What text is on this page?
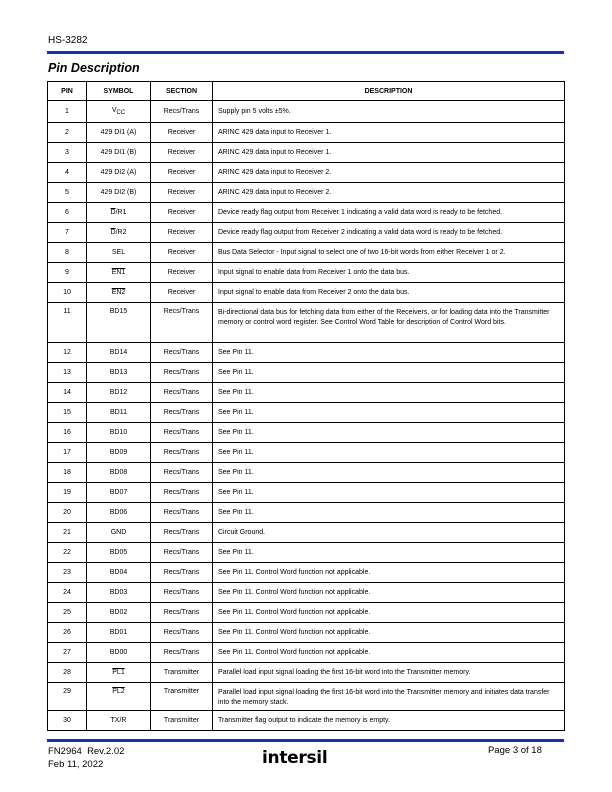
HS-3282
Pin Description
PIN	SYMBOL	SECTION	DESCRIPTION
1	VCC	Recs/Trans	Supply pin 5 volts ±5%.
2	429 DI1 (A)	Receiver	ARINC 429 data input to Receiver 1.
3	429 DI1 (B)	Receiver	ARINC 429 data input to Receiver 1.
4	429 DI2 (A)	Receiver	ARINC 429 data input to Receiver 2.
5	429 DI2 (B)	Receiver	ARINC 429 data input to Receiver 2.
6	$\overline{D}/R1$	Receiver	Device ready flag output from Receiver 1 indicating a valid data word is ready to be fetched.
7	$\overline{D}/R2$	Receiver	Device ready flag output from Receiver 2 indicating a valid data word is ready to be fetched.
8	SEL	Receiver	Bus Data Selector - Input signal to select one of two 16-bit words from either Receiver 1 or 2.
9	EN1	Receiver	Input signal to enable data from Receiver 1 onto the data bus.
10	EN2	Receiver	Input signal to enable data from Receiver 2 onto the data bus.
11	BD15	Recs/Trans	Bi-directional data bus for fetching data from either of the Receivers, or for loading data into the Transmitter memory or control word register. See Control Word Table for description of Control Word bits.
12	BD14	Recs/Trans	See Pin 11.
13	BD13	Recs/Trans	See Pin 11.
14	BD12	Recs/Trans	See Pin 11.
15	BD11	Recs/Trans	See Pin 11.
16	BD10	Recs/Trans	See Pin 11.
17	BD09	Recs/Trans	See Pin 11.
18	BD08	Recs/Trans	See Pin 11.
19	BD07	Recs/Trans	See Pin 11.
20	BD06	Recs/Trans	See Pin 11.
21	GND	Recs/Trans	Circuit Ground.
22	BD05	Recs/Trans	See Pin 11.
23	BD04	Recs/Trans	See Pin 11. Control Word function not applicable.
24	BD03	Recs/Trans	See Pin 11. Control Word function not applicable.
25	BD02	Recs/Trans	See Pin 11. Control Word function not applicable.
26	BD01	Recs/Trans	See Pin 11. Control Word function not applicable.
27	BD00	Recs/Trans	See Pin 11. Control Word function not applicable.
28	PL1	Transmitter	Parallel load input signal loading the first 16-bit word into the Transmitter memory.
29	PL2	Transmitter	Parallel load input signal loading the first 16-bit word into the Transmitter memory and initiates data transfer into the memory stack.
30	TX/R	Transmitter	Transmitter flag output to indicate the memory is empty.
FN2964  Rev.2.02
Feb 11, 2022	intersil	Page 3 of 18
